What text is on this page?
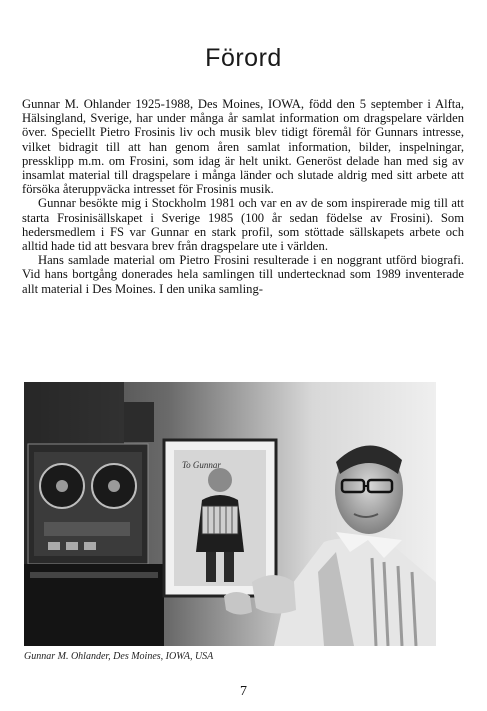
Förord

Gunnar M. Ohlander 1925-1988, Des Moines, IOWA, född den 5 september i Alfta, Hälsingland, Sverige, har under många år samlat information om dragspelare världen över. Speciellt Pietro Frosinis liv och musik blev tidigt föremål för Gunnars intresse, vilket bidragit till att han genom åren samlat information, bilder, inspelningar, pressklipp m.m. om Frosini, som idag är helt unikt. Generöst delade han med sig av insamlat material till dragspelare i många länder och slutade aldrig med sitt arbete att försöka återuppväcka intresset för Frosinis musik.

Gunnar besökte mig i Stockholm 1981 och var en av de som inspirerade mig till att starta Frosinisällskapet i Sverige 1985 (100 år sedan födelse av Frosini). Som hedersmedlem i FS var Gunnar en stark profil, som stöttade sällskapets arbete och alltid hade tid att besvara brev från dragspelare ute i världen.

Hans samlade material om Pietro Frosini resulterade i en noggrant utförd biografi. Vid hans bortgång donerades hela samlingen till undertecknad som 1989 inventerade allt material i Des Moines. I den unika samling-

To Gunnar
Gunnar M. Ohlander, Des Moines, IOWA, USA
7
